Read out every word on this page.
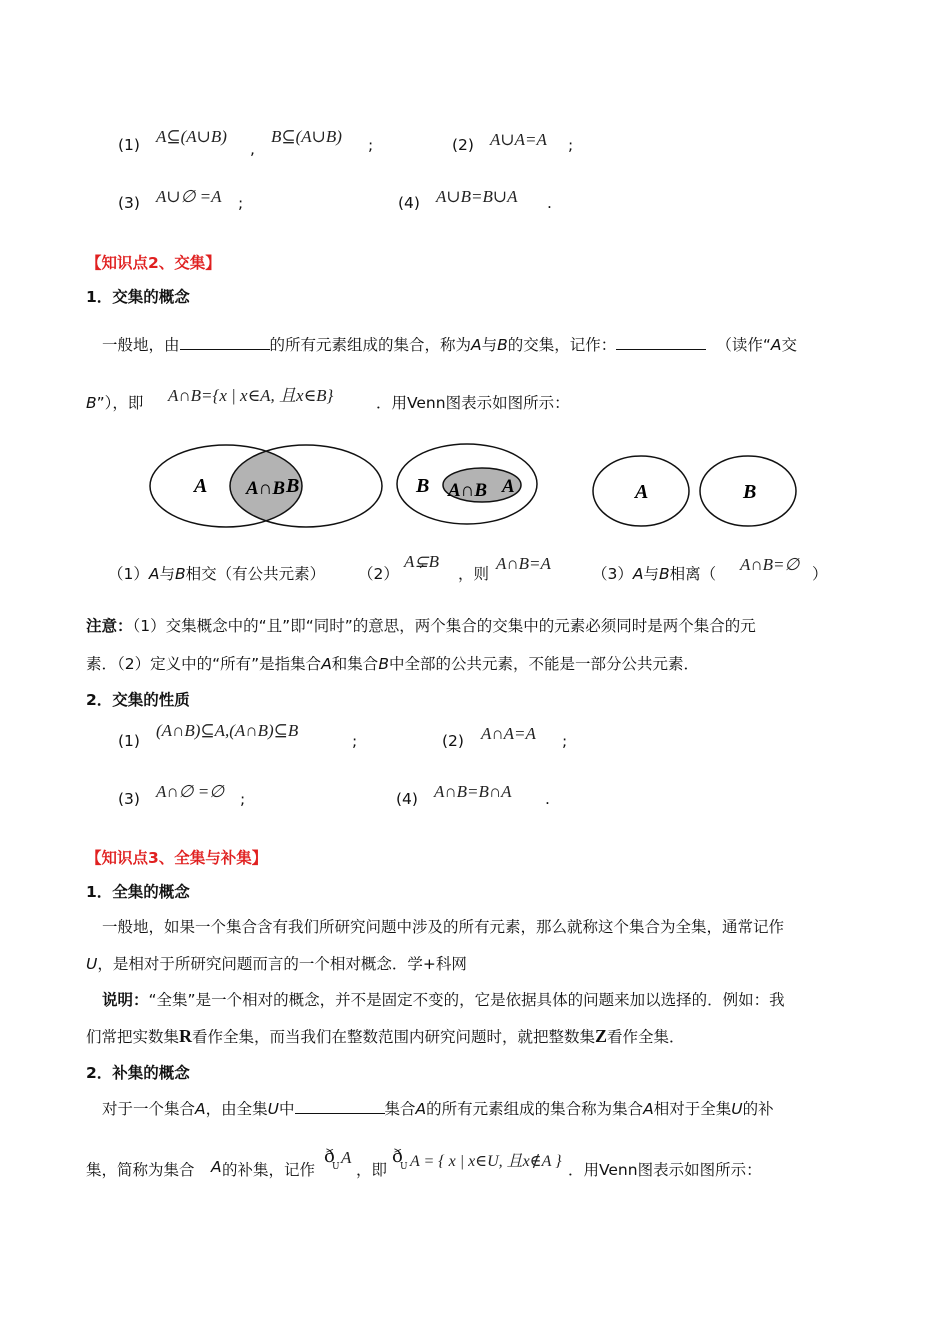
(1) A⊆(A∪B)
,
B⊆(A∪B) ;	(2) A∪A=A ;
(3) A∪∅ =A ;	(4) A∪B=B∪A .
【知识点2、交集】
1．交集的概念
一般地，由	的所有元素组成的集合，称为A与B的交集，记作：	（读作“A交
B”），即 A∩B={x | x∈A, 且x∈B}	．用Venn图表示如图所示：
A A∩B B	B A∩B A	A	B
（1）A与B相交（有公共元素） （2）
A⊊B
，则
A∩B=A
（3）A与B相离（ A∩B=∅ ）
注意：（1）交集概念中的“且”即“同时”的意思，两个集合的交集中的元素必须同时是两个集合的元
素．（2）定义中的“所有”是指集合A和集合B中全部的公共元素，不能是一部分公共元素．
2．交集的性质
(1)
(A∩B)⊆A,(A∩B)⊆B
;	(2) A∩A=A ;
(3) A∩∅ =∅ ;	(4) A∩B=B∩A .
【知识点3、全集与补集】
1．全集的概念
一般地，如果一个集合含有我们所研究问题中涉及的所有元素，那么就称这个集合为全集，通常记作
U，是相对于所研究问题而言的一个相对概念．学+科网
说明：“全集”是一个相对的概念，并不是固定不变的，它是依据具体的问题来加以选择的．例如：我
们常把实数集R看作全集，而当我们在整数范围内研究问题时，就把整数集Z看作全集．
2．补集的概念
对于一个集合A，由全集U中	集合A的所有元素组成的集合称为集合A相对于全集U的补
集，简称为集合 A 的补集，记作
ð
U A
，即
ð
U A = { x | x∈U, 且x∉A } ．用Venn图表示如图所示：
